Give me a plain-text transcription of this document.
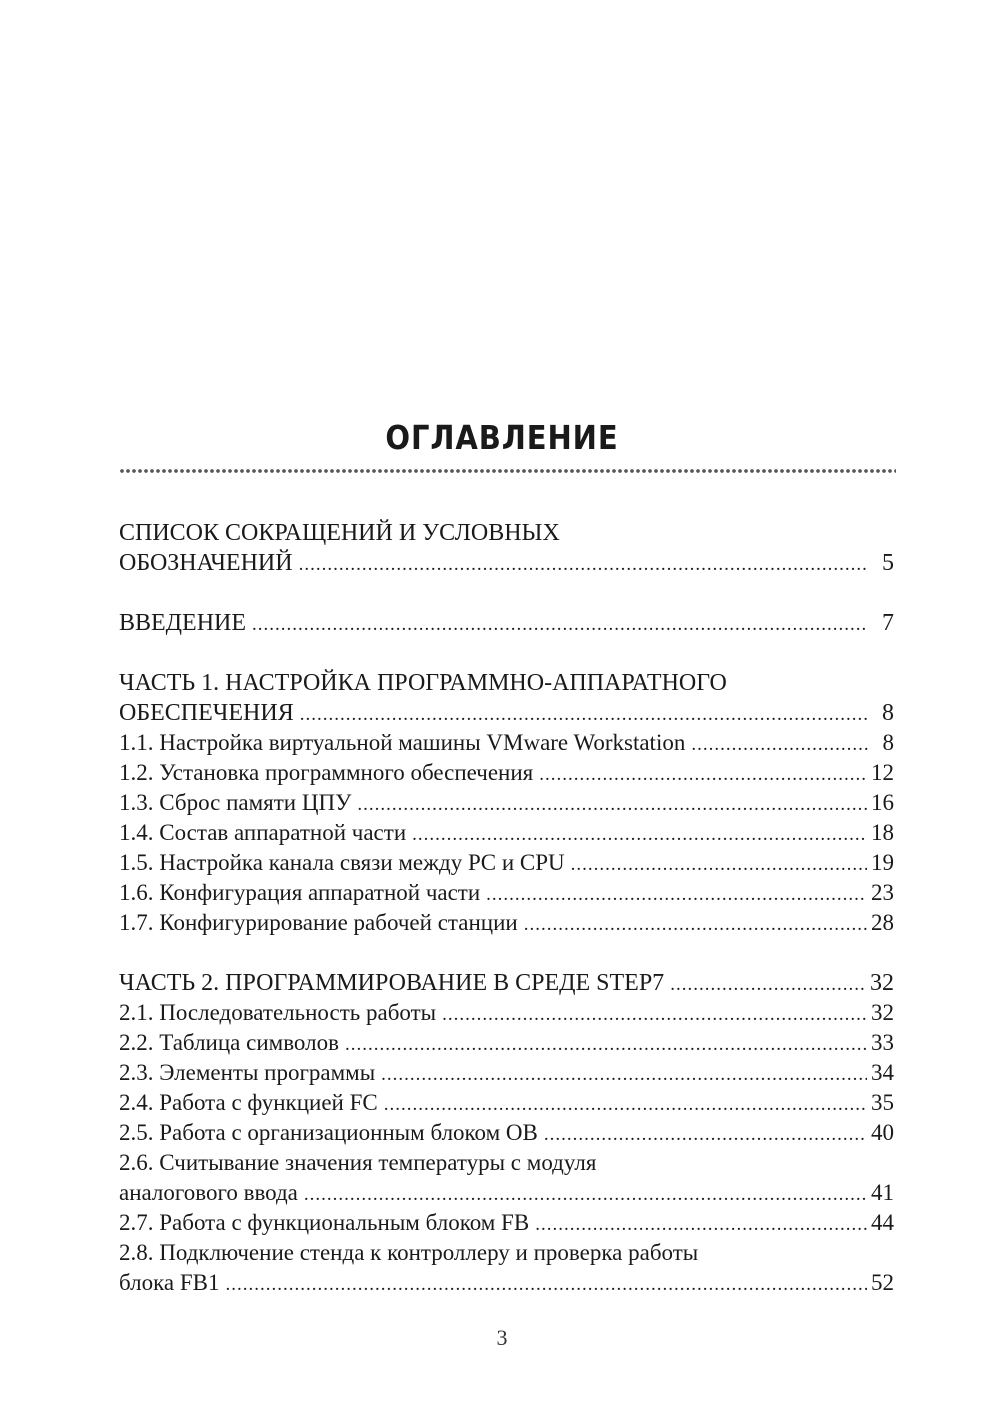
ОГЛАВЛЕНИЕ
СПИСОК СОКРАЩЕНИЙ И УСЛОВНЫХ
ОБОЗНАЧЕНИЙ .....	5
ВВЕДЕНИЕ .....	7
ЧАСТЬ 1. НАСТРОЙКА ПРОГРАММНО-АППАРАТНОГО
ОБЕСПЕЧЕНИЯ .....	8
1.1. Настройка виртуальной машины VMware Workstation .....	8
1.2. Установка программного обеспечения .....	12
1.3. Сброс памяти ЦПУ .....	16
1.4. Состав аппаратной части .....	18
1.5. Настройка канала связи между PC и CPU .....	19
1.6. Конфигурация аппаратной части .....	23
1.7. Конфигурирование рабочей станции .....	28
ЧАСТЬ 2. ПРОГРАММИРОВАНИЕ В СРЕДЕ STEP7 .....	32
2.1. Последовательность работы .....	32
2.2. Таблица символов .....	33
2.3. Элементы программы .....	34
2.4. Работа с функцией FC .....	35
2.5. Работа с организационным блоком OB .....	40
2.6. Считывание значения температуры с модуля
аналогового ввода .....	41
2.7. Работа с функциональным блоком FB .....	44
2.8. Подключение стенда к контроллеру и проверка работы
блока FB1 .....	52
3
